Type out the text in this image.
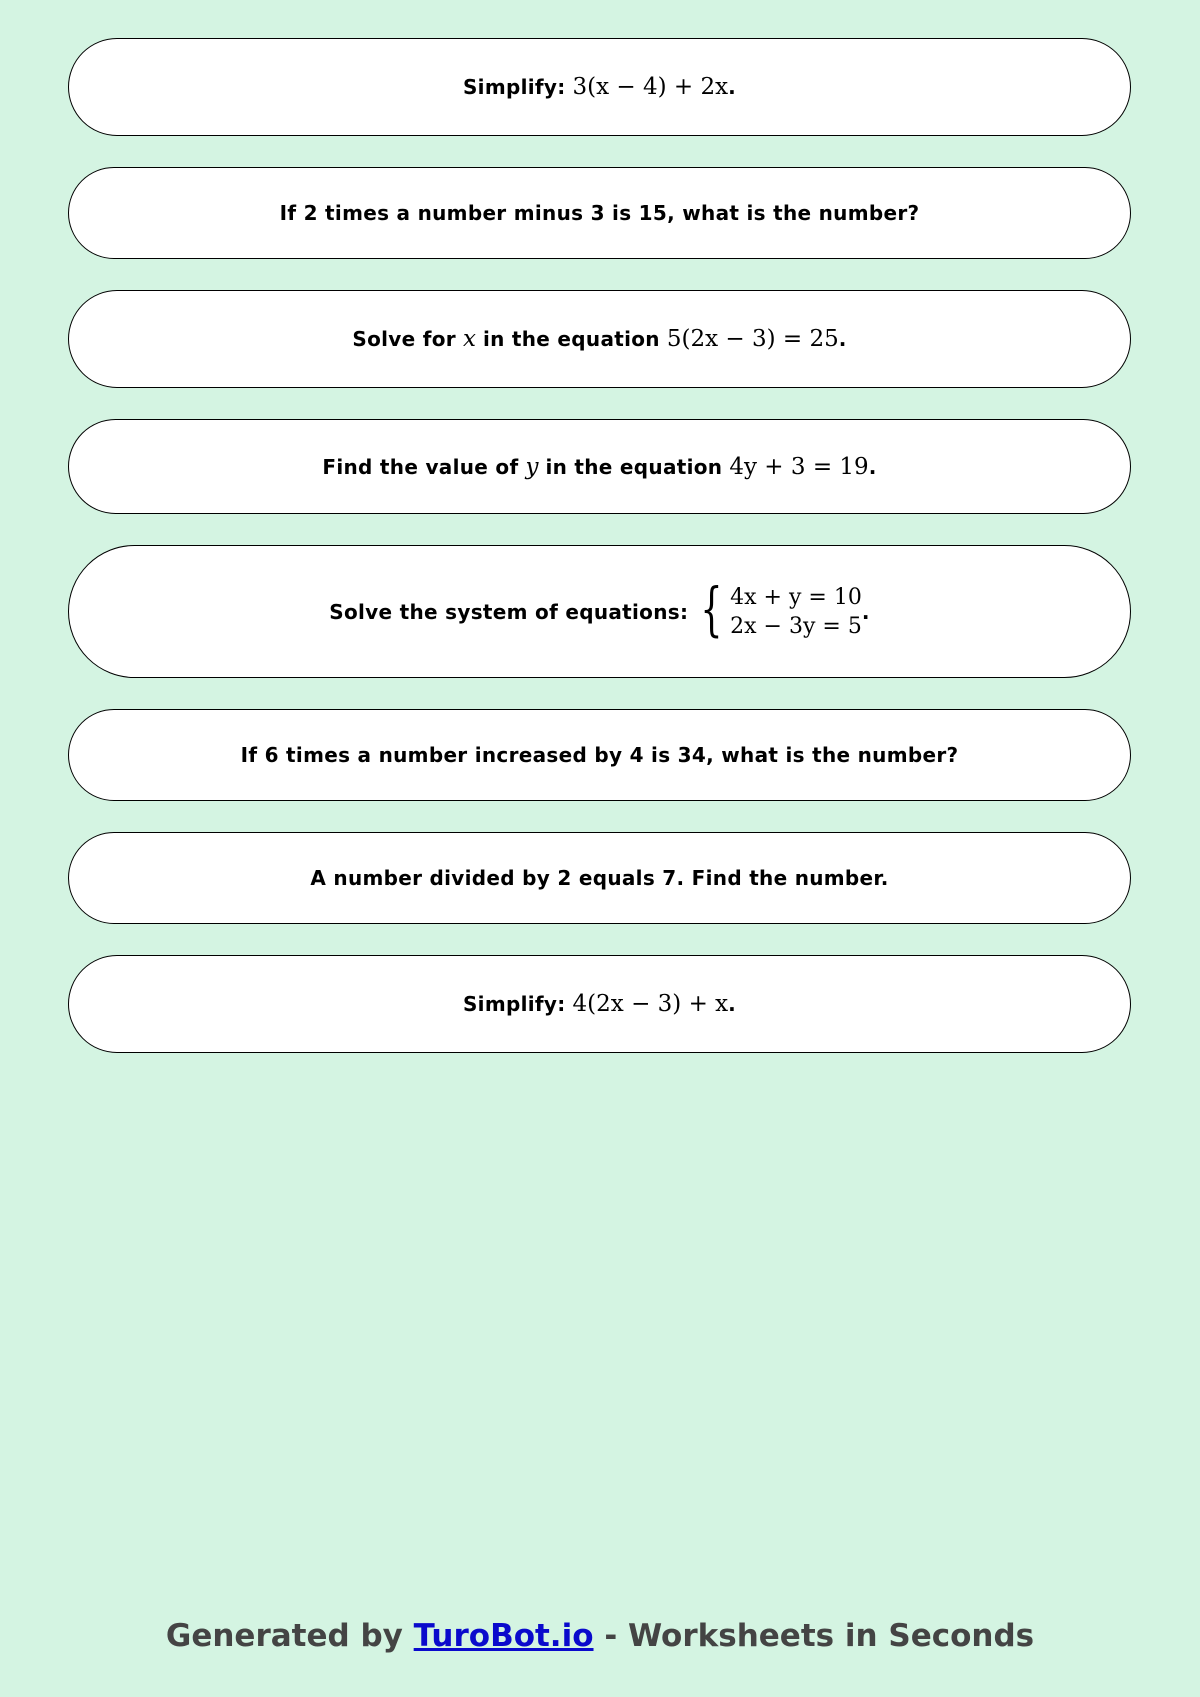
Simplify: 3(x − 4) + 2x .
If 2 times a number minus 3 is 15, what is the number?
Solve for x in the equation 5(2x − 3) = 25 .
Find the value of y in the equation 4y + 3 = 19 .
Solve the system of equations: { 4x + y = 10
2x − 3y = 5
.
If 6 times a number increased by 4 is 34, what is the number?
A number divided by 2 equals 7. Find the number.
Simplify: 4(2x − 3) + x .
Generated by TuroBot.io - Worksheets in Seconds
